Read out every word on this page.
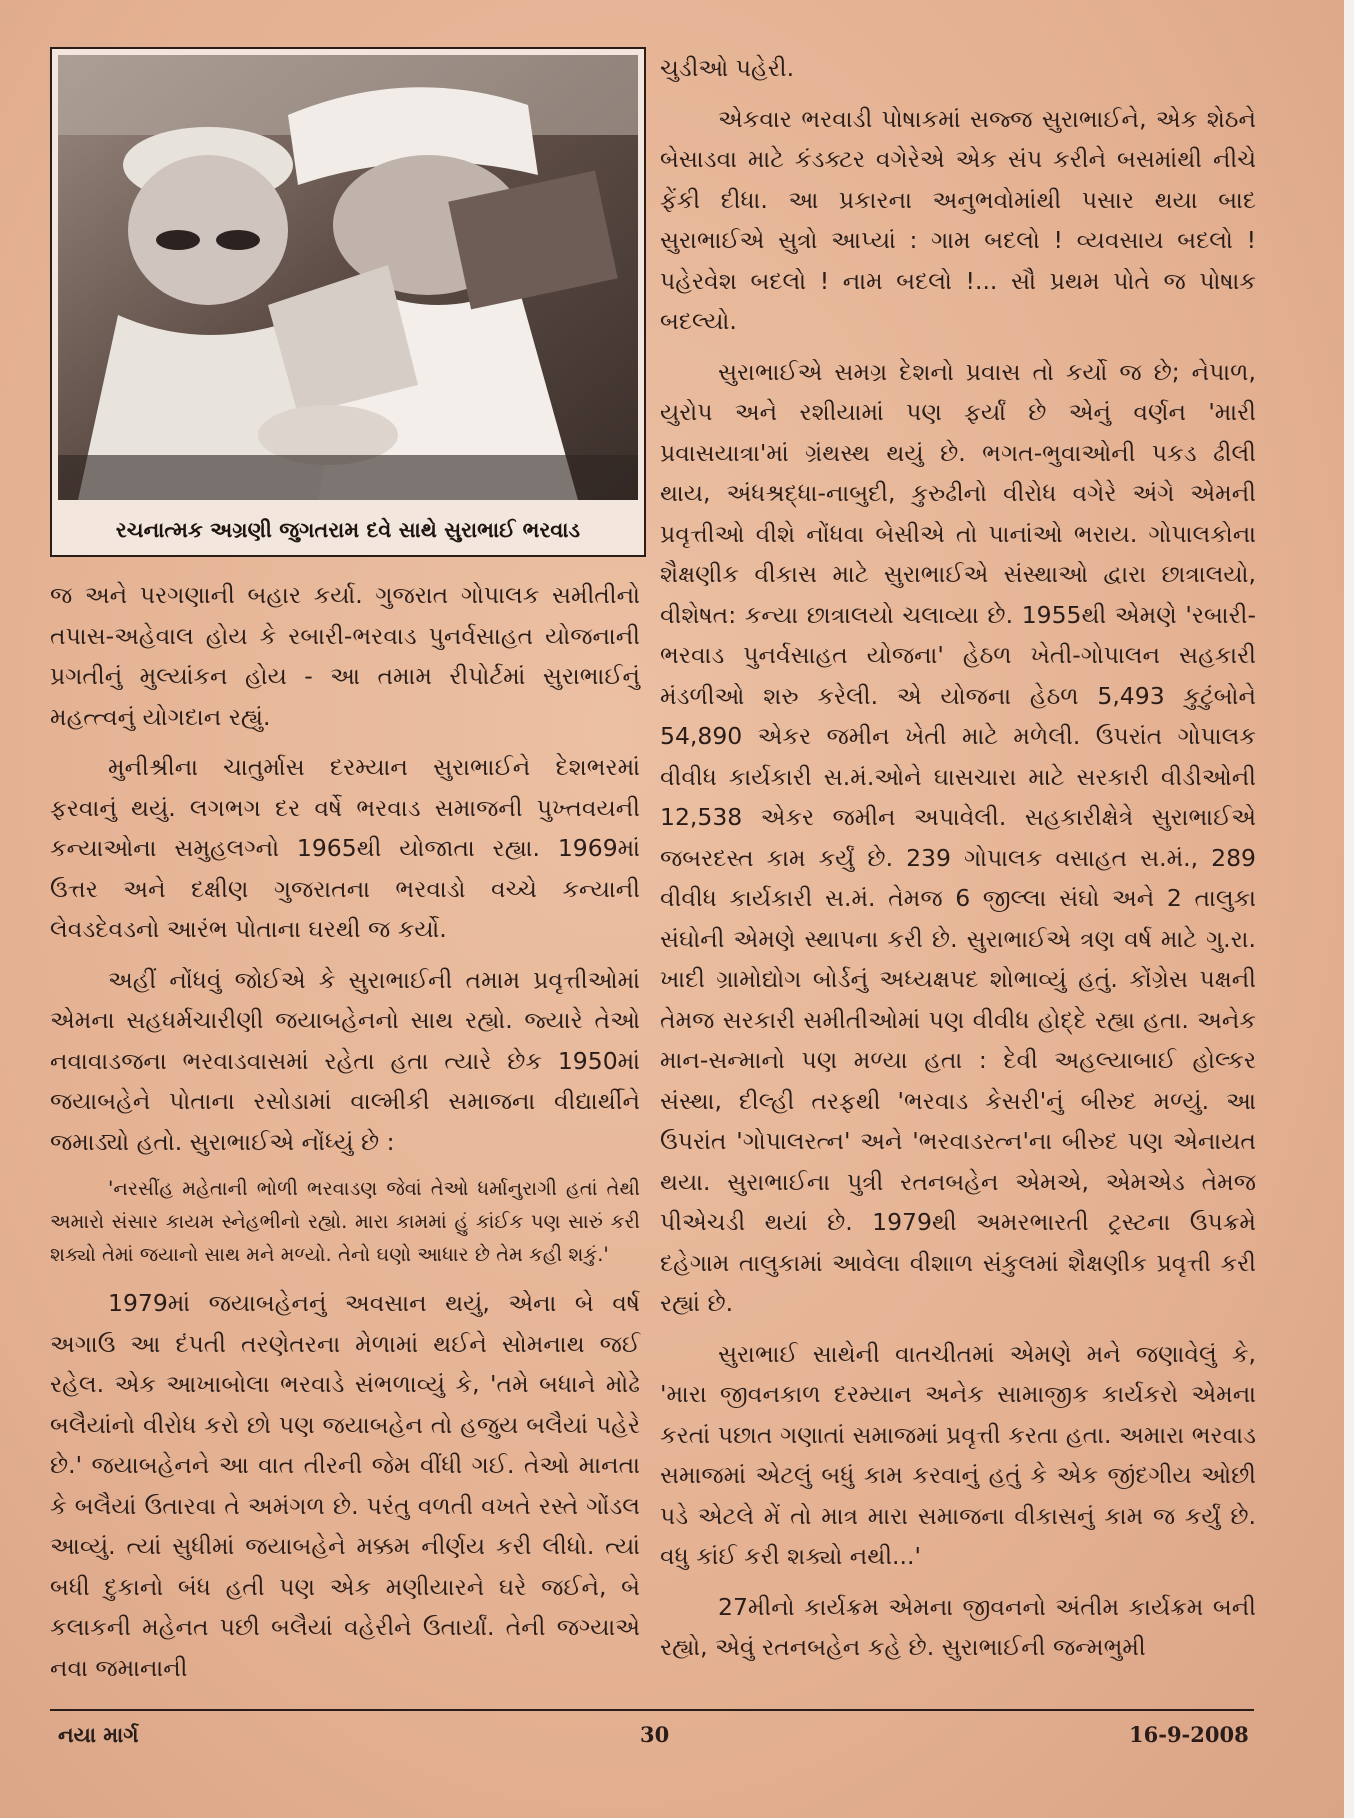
રચનાત્મક અગ્રણી જુગતરામ દવે સાથે સુરાભાઈ ભરવાડ

જ અને પરગણાની બહાર કર્યા. ગુજરાત ગોપાલક સમીતીનો તપાસ-અહેવાલ હોય કે રબારી-ભરવાડ પુનર્વસાહત યોજનાની પ્રગતીનું મુલ્યાંકન હોય - આ તમામ રીપોર્ટમાં સુરાભાઈનું મહત્ત્વનું યોગદાન રહ્યું.

મુનીશ્રીના ચાતુર્માસ દરમ્યાન સુરાભાઈને દેશભરમાં ફરવાનું થયું. લગભગ દર વર્ષે ભરવાડ સમાજની પુખ્તવયની કન્યાઓના સમુહલગ્નો 1965થી યોજાતા રહ્યા. 1969માં ઉત્તર અને દક્ષીણ ગુજરાતના ભરવાડો વચ્ચે કન્યાની લેવડદેવડનો આરંભ પોતાના ઘરથી જ કર્યો.

અહીં નોંધવું જોઈએ કે સુરાભાઈની તમામ પ્રવૃત્તીઓમાં એમના સહધર્મચારીણી જયાબહેનનો સાથ રહ્યો. જ્યારે તેઓ નવાવાડજના ભરવાડવાસમાં રહેતા હતા ત્યારે છેક 1950માં જયાબહેને પોતાના રસોડામાં વાલ્મીકી સમાજના વીદ્યાર્થીને જમાડ્યો હતો. સુરાભાઈએ નોંધ્યું છે :

'નરસીંહ મહેતાની ભોળી ભરવાડણ જેવાં તેઓ ધર્માનુરાગી હતાં તેથી અમારો સંસાર કાયમ સ્નેહભીનો રહ્યો. મારા કામમાં હું કાંઈક પણ સારું કરી શક્યો તેમાં જયાનો સાથ મને મળ્યો. તેનો ઘણો આધાર છે તેમ કહી શકું.'

1979માં જયાબહેનનું અવસાન થયું, એના બે વર્ષ અગાઉ આ દંપતી તરણેતરના મેળામાં થઈને સોમનાથ જઈ રહેલ. એક આખાબોલા ભરવાડે સંભળાવ્યું કે, 'તમે બધાને મોઢે બલૈયાંનો વીરોધ કરો છો પણ જયાબહેન તો હજુય બલૈયાં પહેરે છે.' જયાબહેનને આ વાત તીરની જેમ વીંધી ગઈ. તેઓ માનતા કે બલૈયાં ઉતારવા તે અમંગળ છે. પરંતુ વળતી વખતે રસ્તે ગોંડલ આવ્યું. ત્યાં સુધીમાં જયાબહેને મક્કમ નીર્ણય કરી લીધો. ત્યાં બધી દુકાનો બંધ હતી પણ એક મણીયારને ઘરે જઈને, બે કલાકની મહેનત પછી બલૈયાં વહેરીને ઉતાર્યાં. તેની જગ્યાએ નવા જમાનાની

ચુડીઓ પહેરી.

એકવાર ભરવાડી પોષાકમાં સજ્જ સુરાભાઈને, એક શેઠને બેસાડવા માટે કંડક્ટર વગેરેએ એક સંપ કરીને બસમાંથી નીચે ફેંકી દીધા. આ પ્રકારના અનુભવોમાંથી પસાર થયા બાદ સુરાભાઈએ સુત્રો આપ્યાં : ગામ બદલો ! વ્યવસાય બદલો ! પહેરવેશ બદલો ! નામ બદલો !... સૌ પ્રથમ પોતે જ પોષાક બદલ્યો.

સુરાભાઈએ સમગ્ર દેશનો પ્રવાસ તો કર્યો જ છે; નેપાળ, યુરોપ અને રશીયામાં પણ ફર્યાં છે એનું વર્ણન 'મારી પ્રવાસયાત્રા'માં ગ્રંથસ્થ થયું છે. ભગત-ભુવાઓની પકડ ઢીલી થાય, અંધશ્રદ્ધા-નાબુદી, કુરુઢીનો વીરોધ વગેરે અંગે એમની પ્રવૃત્તીઓ વીશે નોંધવા બેસીએ તો પાનાંઓ ભરાય. ગોપાલકોના શૈક્ષણીક વીકાસ માટે સુરાભાઈએ સંસ્થાઓ દ્વારા છાત્રાલયો, વીશેષત: કન્યા છાત્રાલયો ચલાવ્યા છે. 1955થી એમણે 'રબારી-ભરવાડ પુનર્વસાહત યોજના' હેઠળ ખેતી-ગોપાલન સહકારી મંડળીઓ શરુ કરેલી. એ યોજના હેઠળ 5,493 કુટુંબોને 54,890 એકર જમીન ખેતી માટે મળેલી. ઉપરાંત ગોપાલક વીવીધ કાર્યકારી સ.મં.ઓને ઘાસચારા માટે સરકારી વીડીઓની 12,538 એકર જમીન અપાવેલી. સહકારીક્ષેત્રે સુરાભાઈએ જબરદસ્ત કામ કર્યું છે. 239 ગોપાલક વસાહત સ.મં., 289 વીવીધ કાર્યકારી સ.મં. તેમજ 6 જીલ્લા સંઘો અને 2 તાલુકા સંઘોની એમણે સ્થાપના કરી છે. સુરાભાઈએ ત્રણ વર્ષ માટે ગુ.રા. ખાદી ગ્રામોદ્યોગ બોર્ડનું અધ્યક્ષપદ શોભાવ્યું હતું. કોંગ્રેસ પક્ષની તેમજ સરકારી સમીતીઓમાં પણ વીવીધ હોદ્દે રહ્યા હતા. અનેક માન-સન્માનો પણ મળ્યા હતા : દેવી અહલ્યાબાઈ હોલ્કર સંસ્થા, દીલ્હી તરફથી 'ભરવાડ કેસરી'નું બીરુદ મળ્યું. આ ઉપરાંત 'ગોપાલરત્ન' અને 'ભરવાડરત્ન'ના બીરુદ પણ એનાયત થયા. સુરાભાઈના પુત્રી રતનબહેન એમએ, એમએડ તેમજ પીએચડી થયાં છે. 1979થી અમરભારતી ટ્રસ્ટના ઉપક્રમે દહેગામ તાલુકામાં આવેલા વીશાળ સંકુલમાં શૈક્ષણીક પ્રવૃત્તી કરી રહ્યાં છે.

સુરાભાઈ સાથેની વાતચીતમાં એમણે મને જણાવેલું કે, 'મારા જીવનકાળ દરમ્યાન અનેક સામાજીક કાર્યકરો એમના કરતાં પછાત ગણાતાં સમાજમાં પ્રવૃત્તી કરતા હતા. અમારા ભરવાડ સમાજમાં એટલું બધું કામ કરવાનું હતું કે એક જીંદગીય ઓછી પડે એટલે મેં તો માત્ર મારા સમાજના વીકાસનું કામ જ કર્યું છે. વધુ કાંઈ કરી શક્યો નથી...'

27મીનો કાર્યક્રમ એમના જીવનનો અંતીમ કાર્યક્રમ બની રહ્યો, એવું રતનબહેન કહે છે. સુરાભાઈની જન્મભુમી

નયા માર્ગ	30	16-9-2008
